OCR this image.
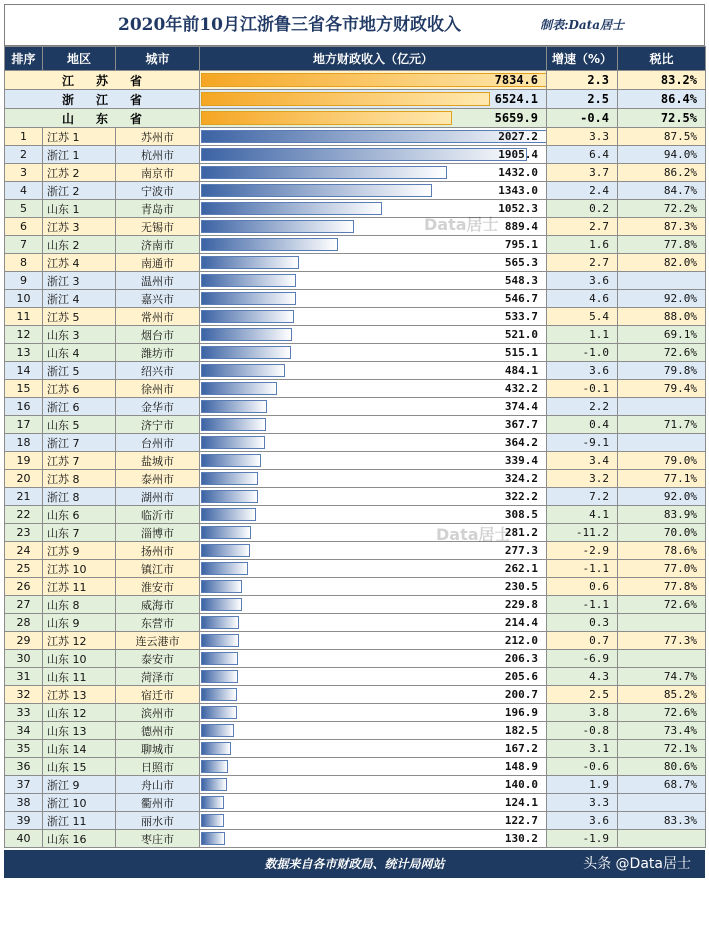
2020年前10月江浙鲁三省各市地方财政收入	制表:Data居士
排序	地区	城市	地方财政收入（亿元）	增速（%）	税比
江苏省			7834.6	2.3	83.2%
浙江省			6524.1	2.5	86.4%
山东省			5659.9	-0.4	72.5%
1	江苏 1	苏州市	2027.2	3.3	87.5%
2	浙江 1	杭州市	1905.4	6.4	94.0%
3	江苏 2	南京市	1432.0	3.7	86.2%
4	浙江 2	宁波市	1343.0	2.4	84.7%
5	山东 1	青岛市	1052.3	0.2	72.2%
6	江苏 3	无锡市	889.4	2.7	87.3%
7	山东 2	济南市	795.1	1.6	77.8%
8	江苏 4	南通市	565.3	2.7	82.0%
9	浙江 3	温州市	548.3	3.6	
10	浙江 4	嘉兴市	546.7	4.6	92.0%
11	江苏 5	常州市	533.7	5.4	88.0%
12	山东 3	烟台市	521.0	1.1	69.1%
13	山东 4	潍坊市	515.1	-1.0	72.6%
14	浙江 5	绍兴市	484.1	3.6	79.8%
15	江苏 6	徐州市	432.2	-0.1	79.4%
16	浙江 6	金华市	374.4	2.2	
17	山东 5	济宁市	367.7	0.4	71.7%
18	浙江 7	台州市	364.2	-9.1	
19	江苏 7	盐城市	339.4	3.4	79.0%
20	江苏 8	泰州市	324.2	3.2	77.1%
21	浙江 8	湖州市	322.2	7.2	92.0%
22	山东 6	临沂市	308.5	4.1	83.9%
23	山东 7	淄博市	281.2	-11.2	70.0%
24	江苏 9	扬州市	277.3	-2.9	78.6%
25	江苏 10	镇江市	262.1	-1.1	77.0%
26	江苏 11	淮安市	230.5	0.6	77.8%
27	山东 8	威海市	229.8	-1.1	72.6%
28	山东 9	东营市	214.4	0.3	
29	江苏 12	连云港市	212.0	0.7	77.3%
30	山东 10	泰安市	206.3	-6.9	
31	山东 11	菏泽市	205.6	4.3	74.7%
32	江苏 13	宿迁市	200.7	2.5	85.2%
33	山东 12	滨州市	196.9	3.8	72.6%
34	山东 13	德州市	182.5	-0.8	73.4%
35	山东 14	聊城市	167.2	3.1	72.1%
36	山东 15	日照市	148.9	-0.6	80.6%
37	浙江 9	舟山市	140.0	1.9	68.7%
38	浙江 10	衢州市	124.1	3.3	
39	浙江 11	丽水市	122.7	3.6	83.3%
40	山东 16	枣庄市	130.2	-1.9	
数据来自各市财政局、统计局网站	头条 @Data居士
Data居士
Data居士
